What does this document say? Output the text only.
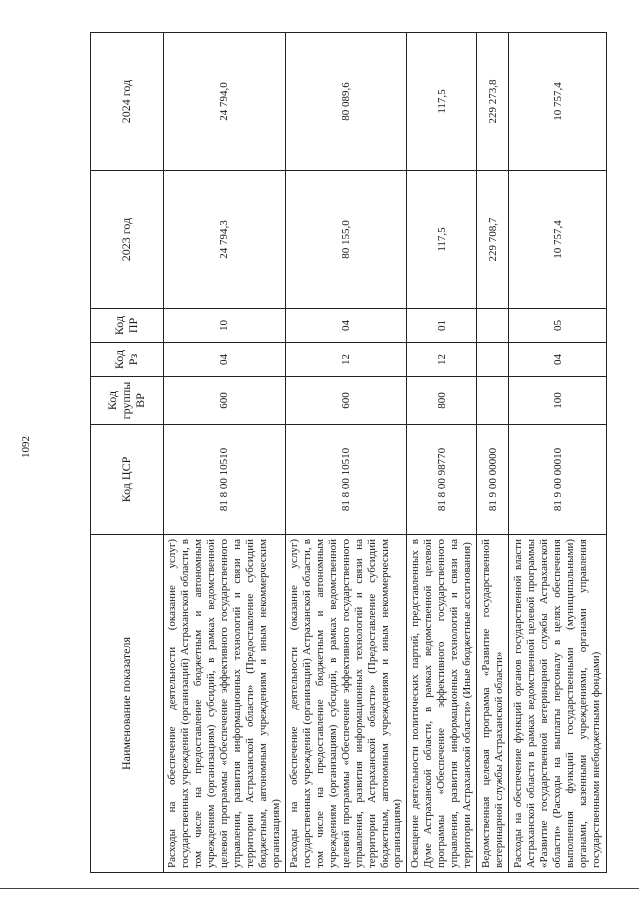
1092
Наименование показателя	Код ЦСР	Код группы ВР	Код Рз	Код ПР	2023 год	2024 год
Расходы на обеспечение деятельности (оказание услуг) государственных учреждений (организаций) Астраханской области, в том числе на предоставление бюджетным и автономным учреждениям (организациям) субсидий, в рамках ведомственной целевой программы «Обеспечение эффективного государственного управления, развития информационных технологий и связи на территории Астраханской области» (Предоставление субсидий бюджетным, автономным учреждениям и иным некоммерческим организациям)	81 8 00 10510	600	04	10	24 794,3	24 794,0
Расходы на обеспечение деятельности (оказание услуг) государственных учреждений (организаций) Астраханской области, в том числе на предоставление бюджетным и автономным учреждениям (организациям) субсидий, в рамках ведомственной целевой программы «Обеспечение эффективного государственного управления, развития информационных технологий и связи на территории Астраханской области» (Предоставление субсидий бюджетным, автономным учреждениям и иным некоммерческим организациям)	81 8 00 10510	600	12	04	80 155,0	80 089,6
Освещение деятельности политических партий, представленных в Думе Астраханской области, в рамках ведомственной целевой программы «Обеспечение эффективного государственного управления, развития информационных технологий и связи на территории Астраханской области» (Иные бюджетные ассигнования)	81 8 00 98770	800	12	01	117,5	117,5
Ведомственная целевая программа «Развитие государственной ветеринарной службы Астраханской области»	81 9 00 00000				229 708,7	229 273,8
Расходы на обеспечение функций органов государственной власти Астраханской области в рамках ведомственной целевой программы «Развитие государственной ветеринарной службы Астраханской области» (Расходы на выплаты персоналу в целях обеспечения выполнения функций государственными (муниципальными) органами, казенными учреждениями, органами управления государственными внебюджетными фондами)	81 9 00 00010	100	04	05	10 757,4	10 757,4
